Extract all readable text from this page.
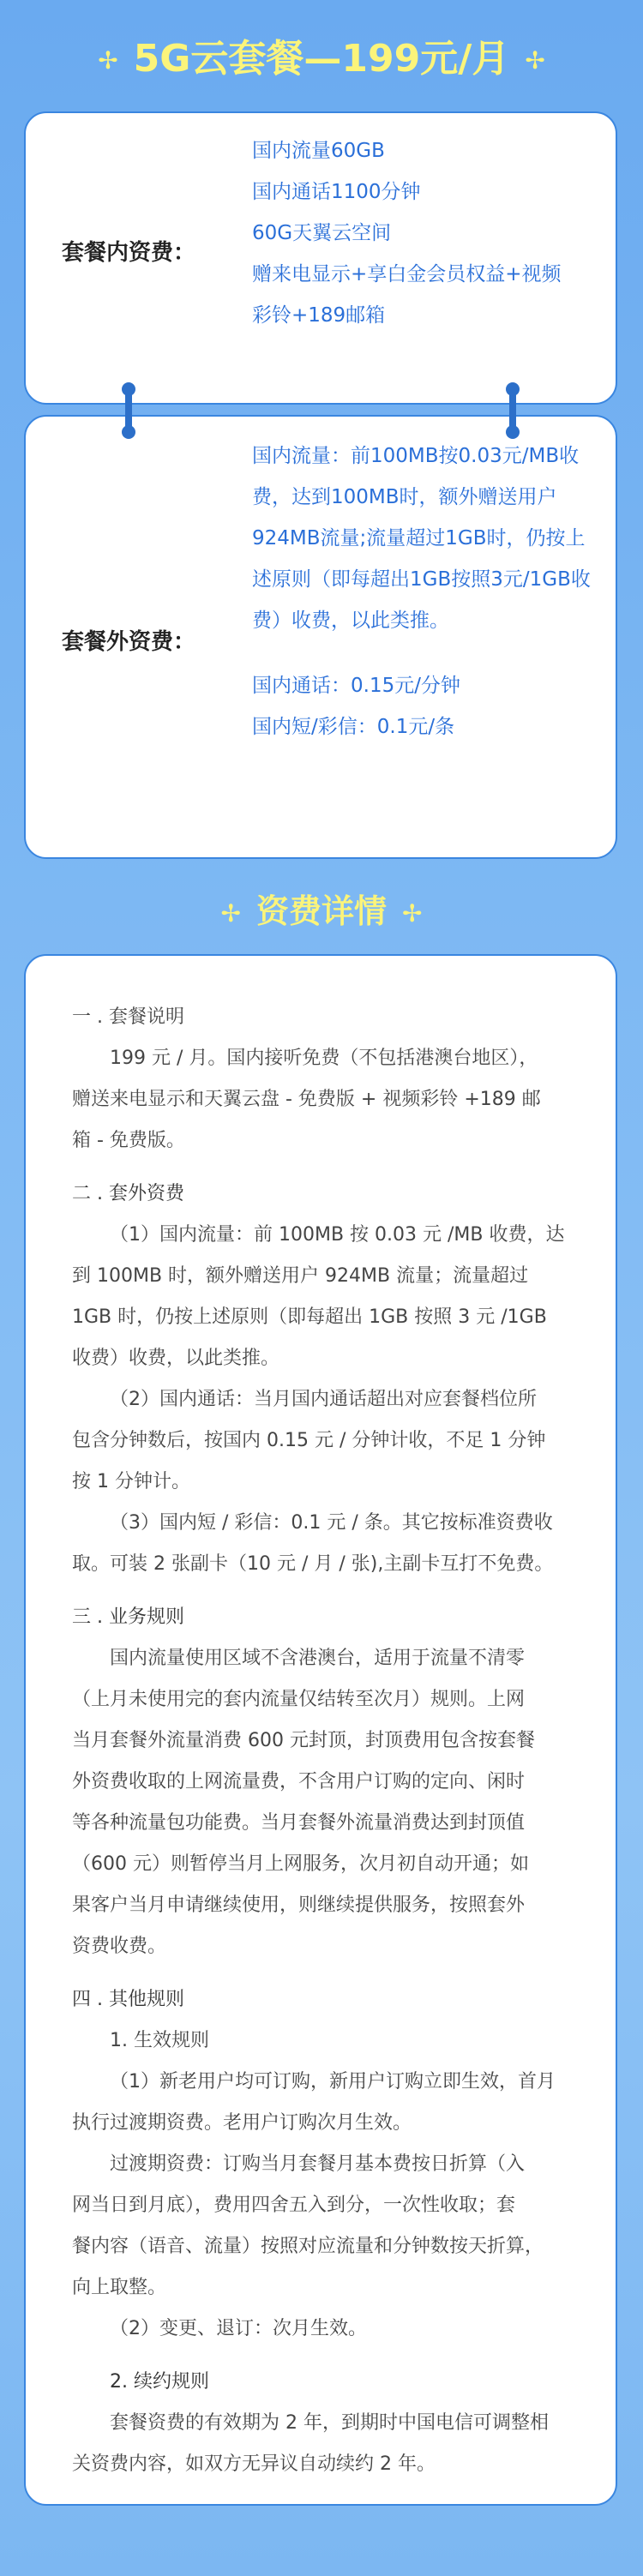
✢ 5G云套餐—199元/月 ✢
套餐内资费：
国内流量60GB
国内通话1100分钟
60G天翼云空间
赠来电显示+享白金会员权益+视频
彩铃+189邮箱
套餐外资费：

国内流量：前100MB按0.03元/MB收

费，达到100MB时，额外赠送用户

924MB流量;流量超过1GB时，仍按上

述原则（即每超出1GB按照3元/1GB收

费）收费，以此类推。

国内通话：0.15元/分钟

国内短/彩信：0.1元/条

✢ 资费详情 ✢

一 . 套餐说明

199 元 / 月。国内接听免费（不包括港澳台地区），

赠送来电显示和天翼云盘 - 免费版 + 视频彩铃 +189 邮

箱 - 免费版。

二 . 套外资费

（1）国内流量：前 100MB 按 0.03 元 /MB 收费，达

到 100MB 时，额外赠送用户 924MB 流量；流量超过

1GB 时，仍按上述原则（即每超出 1GB 按照 3 元 /1GB

收费）收费，以此类推。

（2）国内通话：当月国内通话超出对应套餐档位所

包含分钟数后，按国内 0.15 元 / 分钟计收，不足 1 分钟

按 1 分钟计。

（3）国内短 / 彩信：0.1 元 / 条。其它按标准资费收

取。可装 2 张副卡（10 元 / 月 / 张),主副卡互打不免费。

三 . 业务规则

国内流量使用区域不含港澳台，适用于流量不清零

（上月未使用完的套内流量仅结转至次月）规则。上网

当月套餐外流量消费 600 元封顶，封顶费用包含按套餐

外资费收取的上网流量费，不含用户订购的定向、闲时

等各种流量包功能费。当月套餐外流量消费达到封顶值

（600 元）则暂停当月上网服务，次月初自动开通；如

果客户当月申请继续使用，则继续提供服务，按照套外

资费收费。

四 . 其他规则

1. 生效规则

（1）新老用户均可订购，新用户订购立即生效，首月

执行过渡期资费。老用户订购次月生效。

过渡期资费：订购当月套餐月基本费按日折算（入

网当日到月底），费用四舍五入到分，一次性收取；套

餐内容（语音、流量）按照对应流量和分钟数按天折算，

向上取整。

（2）变更、退订：次月生效。

2. 续约规则

套餐资费的有效期为 2 年，到期时中国电信可调整相

关资费内容，如双方无异议自动续约 2 年。
